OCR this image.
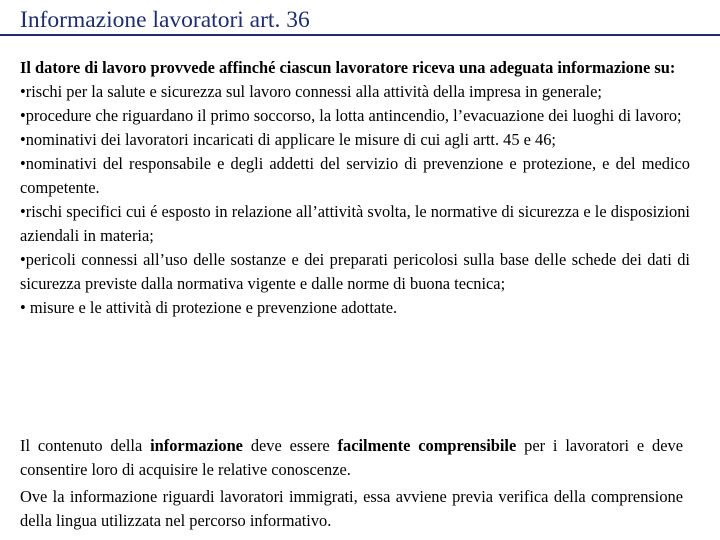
Informazione lavoratori art. 36

Il datore di lavoro provvede affinché ciascun lavoratore riceva una adeguata informazione su:

•rischi per la salute e sicurezza sul lavoro connessi alla attività della impresa in generale;

•procedure che riguardano il primo soccorso, la lotta antincendio, l’evacuazione dei luoghi di lavoro;

•nominativi dei lavoratori incaricati di applicare le misure di cui agli artt. 45 e 46;

•nominativi del responsabile e degli addetti del servizio di prevenzione e protezione, e del medico competente.

•rischi specifici cui é esposto in relazione all’attività svolta, le normative di sicurezza e le disposizioni aziendali in materia;

•pericoli connessi all’uso delle sostanze e dei preparati pericolosi sulla base delle schede dei dati di sicurezza previste dalla normativa vigente e dalle norme di buona tecnica;

• misure e le attività di protezione e prevenzione adottate.

Il contenuto della informazione deve essere facilmente comprensibile per i lavoratori e deve consentire loro di acquisire le relative conoscenze.

Ove la informazione riguardi lavoratori immigrati, essa avviene previa verifica della comprensione della lingua utilizzata nel percorso informativo.
